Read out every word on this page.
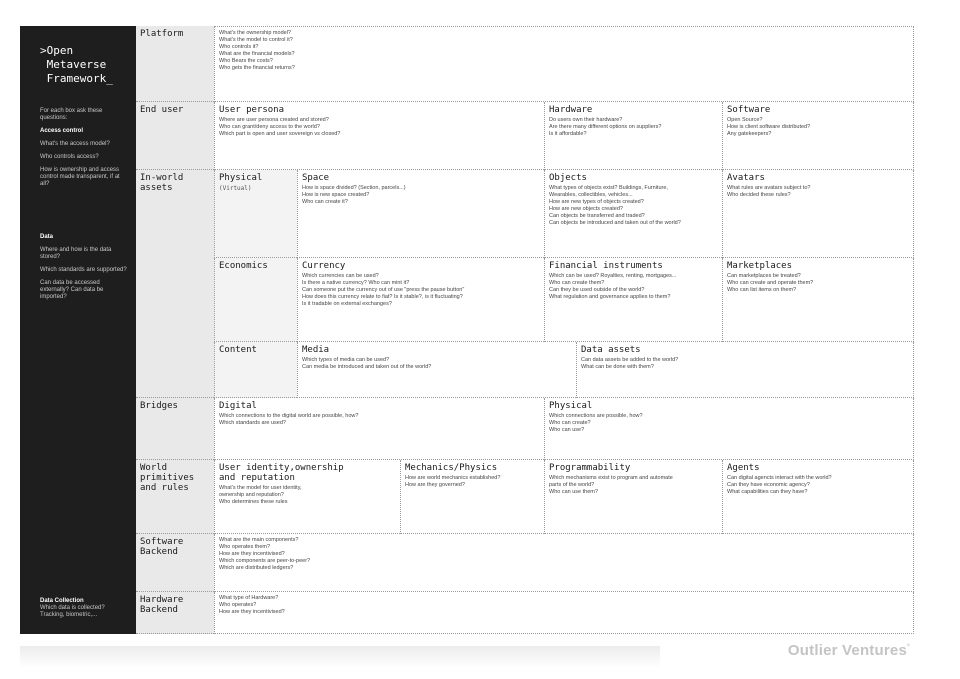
>Open
Metaverse
Framework_

For each box ask these questions:

Access control

What's the access model?

Who controls access?

How is ownership and access control made transparent, if at all?

Data

Where and how is the data stored?

Which standards are supported?

Can data be accessed externally? Can data be imported?

Data Collection
Which data is collected?
Tracking, biometric,...
Platform
End user
In-world
assets
Bridges
World
primitives
and rules
Software
Backend
Hardware
Backend
What's the ownership model?
What's the model to control it?
Who controls it?
What are the financial models?
Who Bears the costs?
Who gets the financial returns?
User persona
Where are user persona created and stored?
Who can grant/deny access to the world?
Which part is open and user sovereign vs closed?
Hardware
Do users own their hardware?
Are there many different options on suppliers?
Is it affordable?
Software
Open Source?
How is client software distributed?
Any gatekeepers?
Physical
(Virtual)
Space
How is space divided? (Section, parcels...)
How is new space created?
Who can create it?
Objects
What types of objects exist? Buildings, Furniture,
Wearables, collectibles, vehicles...
How are new types of objects created?
How are new objects created?
Can objects be transferred and traded?
Can objects be introduced and taken out of the world?
Avatars
What rules are avatars subject to?
Who decided these rules?
Economics	Currency
Which currencies can be used?
Is there a native currency? Who can mint it?
Can someone put the currency out of use "press the pause button"
How does this currency relate to fiat? Is it stable?, is it fluctuating?
Is it tradable on external exchanges?
Financial instruments
Which can be used? Royalties, renting, mortgages...
Who can create them?
Can they be used outside of the world?
What regulation and governance applies to them?
Marketplaces
Can marketplaces be treated?
Who can create and operate them?
Who can list items on them?
Content	Media
Which types of media can be used?
Can media be introduced and taken out of the world?
Data assets
Can data assets be added to the world?
What can be done with them?
Digital
Which connections to the digital world are possible, how?
Which standards are used?
Physical
Which connections are possible, how?
Who can create?
Who can use?
User identity,ownership
and reputation
What's the model for user identity,
ownership and reputation?
Who determines these rules
Mechanics/Physics
How are world mechanics established?
How are they governed?
Programmability
Which mechanisms exist to program and automate
parts of the world?
Who can use them?
Agents
Can digital agencts interact with the world?
Can they have economic agency?
What capabilities can they have?
What are the main components?
Who operates them?
How are they incentivised?
Which components are peer-to-peer?
Which are distributed ledgers?
What type of Hardware?
Who operates?
How are they incentivised?
Outlier Ventures°
